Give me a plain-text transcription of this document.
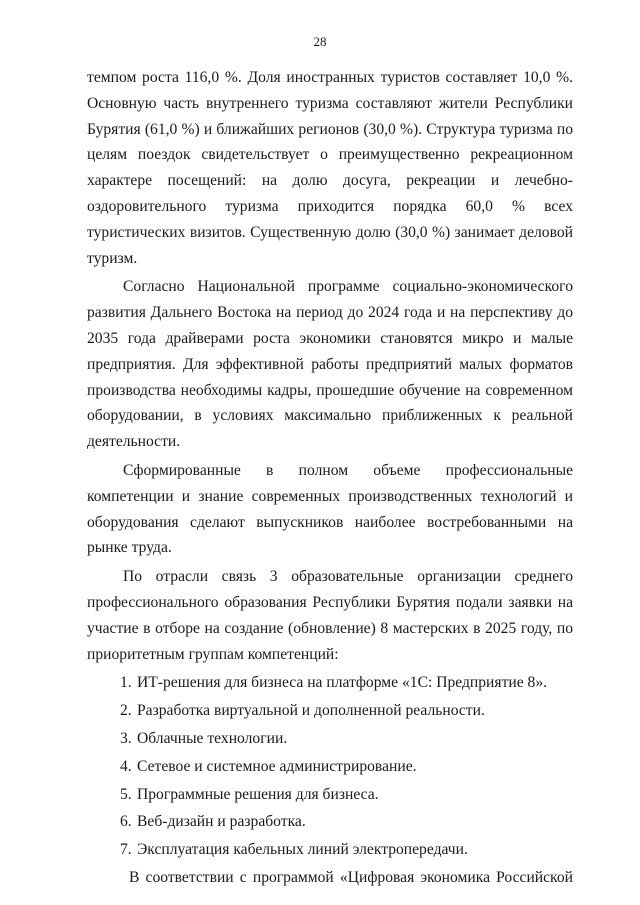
28

темпом роста 116,0 %. Доля иностранных туристов составляет 10,0 %. Основную часть внутреннего туризма составляют жители Республики Бурятия (61,0 %) и ближайших регионов (30,0 %). Структура туризма по целям поездок свидетельствует о преимущественно рекреационном характере посещений: на долю досуга, рекреации и лечебно-оздоровительного туризма приходится порядка 60,0 % всех туристических визитов. Существенную долю (30,0 %) занимает деловой туризм.

Согласно Национальной программе социально-экономического развития Дальнего Востока на период до 2024 года и на перспективу до 2035 года драйверами роста экономики становятся микро и малые предприятия. Для эффективной работы предприятий малых форматов производства необходимы кадры, прошедшие обучение на современном оборудовании, в условиях максимально приближенных к реальной деятельности.

Сформированные в полном объеме профессиональные компетенции и знание современных производственных технологий и оборудования сделают выпускников наиболее востребованными на рынке труда.

По отрасли связь 3 образовательные организации среднего профессионального образования Республики Бурятия подали заявки на участие в отборе на создание (обновление) 8 мастерских в 2025 году, по приоритетным группам компетенций:

1. ИТ-решения для бизнеса на платформе «1С: Предприятие 8».
2. Разработка виртуальной и дополненной реальности.
3. Облачные технологии.
4. Сетевое и системное администрирование.
5. Программные решения для бизнеса.
6. Веб-дизайн и разработка.
7. Эксплуатация кабельных линий электропередачи.

В соответствии с программой «Цифровая экономика Российской
